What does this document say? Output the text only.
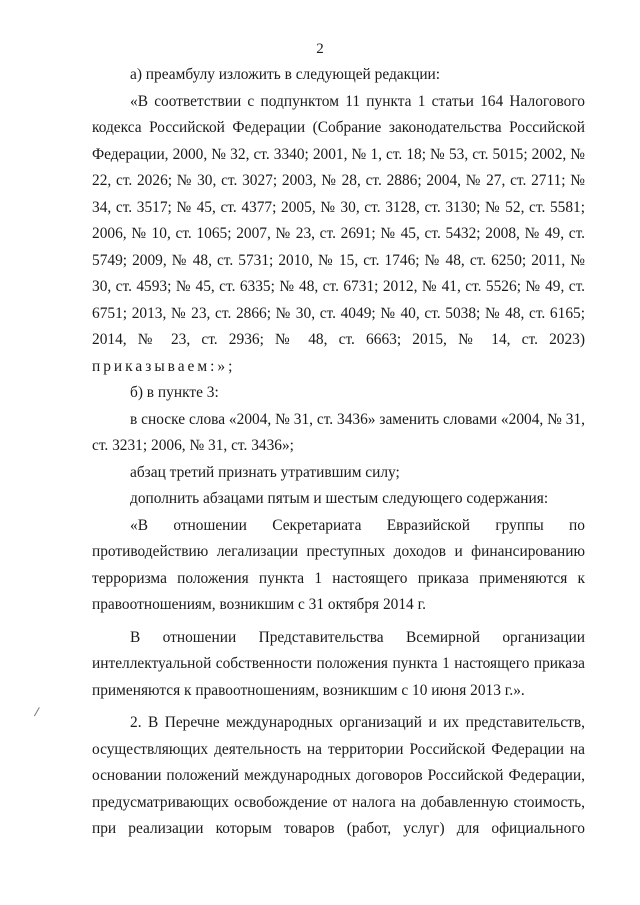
2

а) преамбулу изложить в следующей редакции:

«В соответствии с подпунктом 11 пункта 1 статьи 164 Налогового кодекса Российской Федерации (Собрание законодательства Российской Федерации, 2000, № 32, ст. 3340; 2001, № 1, ст. 18; № 53, ст. 5015; 2002, № 22, ст. 2026; № 30, ст. 3027; 2003, № 28, ст. 2886; 2004, № 27, ст. 2711; № 34, ст. 3517; № 45, ст. 4377; 2005, № 30, ст. 3128, ст. 3130; № 52, ст. 5581; 2006, № 10, ст. 1065; 2007, № 23, ст. 2691; № 45, ст. 5432; 2008, № 49, ст. 5749; 2009, № 48, ст. 5731; 2010, № 15, ст. 1746; № 48, ст. 6250; 2011, № 30, ст. 4593; № 45, ст. 6335; № 48, ст. 6731; 2012, № 41, ст. 5526; № 49, ст. 6751; 2013, № 23, ст. 2866; № 30, ст. 4049; № 40, ст. 5038; № 48, ст. 6165; 2014, № 23, ст. 2936; № 48, ст. 6663; 2015, № 14, ст. 2023)

приказываем:»;

б) в пункте 3:

в сноске слова «2004, № 31, ст. 3436» заменить словами «2004, № 31, ст. 3231; 2006, № 31, ст. 3436»;

абзац третий признать утратившим силу;

дополнить абзацами пятым и шестым следующего содержания:

«В отношении Секретариата Евразийской группы по противодействию легализации преступных доходов и финансированию терроризма положения пункта 1 настоящего приказа применяются к правоотношениям, возникшим с 31 октября 2014 г.

В отношении Представительства Всемирной организации интеллектуальной собственности положения пункта 1 настоящего приказа применяются к правоотношениям, возникшим с 10 июня 2013 г.».

2. В Перечне международных организаций и их представительств, осуществляющих деятельность на территории Российской Федерации на основании положений международных договоров Российской Федерации, предусматривающих освобождение от налога на добавленную стоимость, при реализации которым товаров (работ, услуг) для официального
